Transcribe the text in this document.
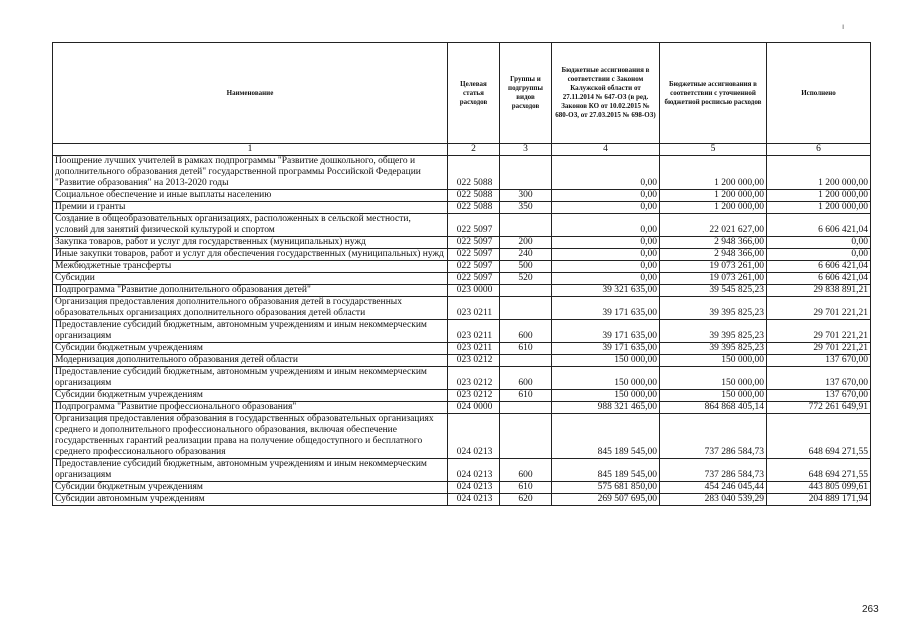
Наименование	Целевая статья расходов	Группы и подгруппы видов расходов	Бюджетные ассигнования в соответствии с Законом Калужской области от 27.11.2014 № 647-ОЗ (в ред. Законов КО от 10.02.2015 № 680-ОЗ, от 27.03.2015 № 698-ОЗ)	Бюджетные ассигнования в соответствии с уточненной бюджетной росписью расходов	Исполнено
1	2	3	4	5	6
Поощрение лучших учителей в рамках подпрограммы "Развитие дошкольного, общего и дополнительного образования детей" государственной программы Российской Федерации "Развитие образования" на 2013-2020 годы	022 5088		0,00	1 200 000,00	1 200 000,00
Социальное обеспечение и иные выплаты населению	022 5088	300	0,00	1 200 000,00	1 200 000,00
Премии и гранты	022 5088	350	0,00	1 200 000,00	1 200 000,00
Создание в общеобразовательных организациях, расположенных в сельской местности, условий для занятий физической культурой и спортом	022 5097		0,00	22 021 627,00	6 606 421,04
Закупка товаров, работ и услуг для государственных (муниципальных) нужд	022 5097	200	0,00	2 948 366,00	0,00
Иные закупки товаров, работ и услуг для обеспечения государственных (муниципальных) нужд	022 5097	240	0,00	2 948 366,00	0,00
Межбюджетные трансферты	022 5097	500	0,00	19 073 261,00	6 606 421,04
Субсидии	022 5097	520	0,00	19 073 261,00	6 606 421,04
Подпрограмма "Развитие дополнительного образования детей"	023 0000		39 321 635,00	39 545 825,23	29 838 891,21
Организация предоставления дополнительного образования детей в государственных образовательных организациях дополнительного образования детей области	023 0211		39 171 635,00	39 395 825,23	29 701 221,21
Предоставление субсидий бюджетным, автономным учреждениям и иным некоммерческим организациям	023 0211	600	39 171 635,00	39 395 825,23	29 701 221,21
Субсидии бюджетным учреждениям	023 0211	610	39 171 635,00	39 395 825,23	29 701 221,21
Модернизация дополнительного образования детей области	023 0212		150 000,00	150 000,00	137 670,00
Предоставление субсидий бюджетным, автономным учреждениям и иным некоммерческим организациям	023 0212	600	150 000,00	150 000,00	137 670,00
Субсидии бюджетным учреждениям	023 0212	610	150 000,00	150 000,00	137 670,00
Подпрограмма "Развитие профессионального образования"	024 0000		988 321 465,00	864 868 405,14	772 261 649,91
Организация предоставления образования в государственных образовательных организациях среднего и дополнительного профессионального образования, включая обеспечение государственных гарантий реализации права на получение общедоступного и бесплатного среднего профессионального образования	024 0213		845 189 545,00	737 286 584,73	648 694 271,55
Предоставление субсидий бюджетным, автономным учреждениям и иным некоммерческим организациям	024 0213	600	845 189 545,00	737 286 584,73	648 694 271,55
Субсидии бюджетным учреждениям	024 0213	610	575 681 850,00	454 246 045,44	443 805 099,61
Субсидии автономным учреждениям	024 0213	620	269 507 695,00	283 040 539,29	204 889 171,94
ı
263
